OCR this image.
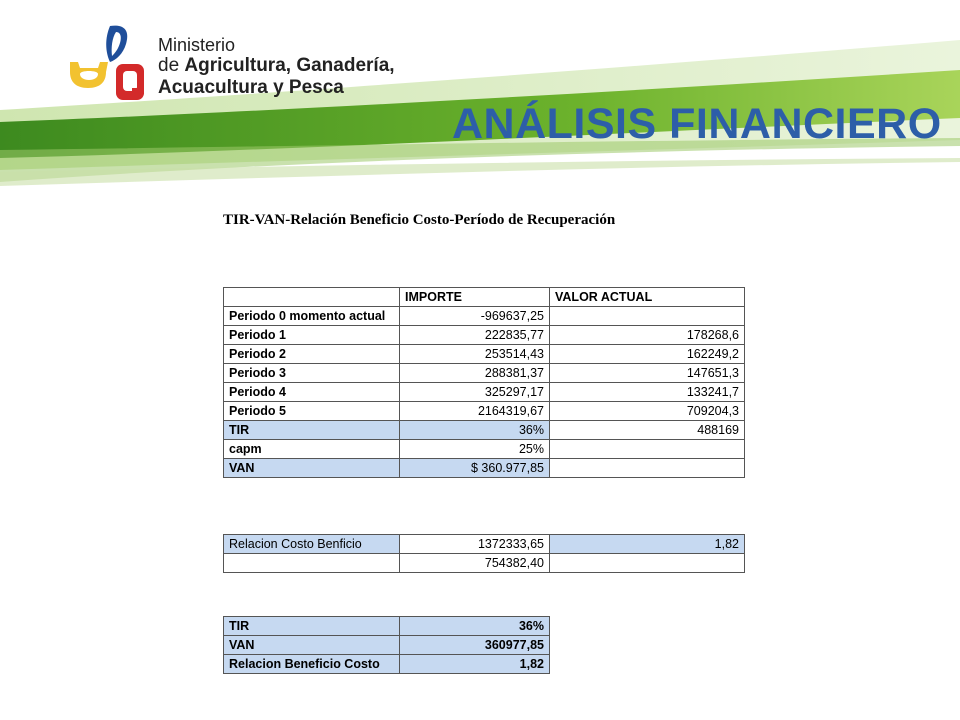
Ministerio
de Agricultura, Ganadería,
Acuacultura y Pesca
ANÁLISIS FINANCIERO
TIR-VAN-Relación Beneficio Costo-Período de Recuperación
	IMPORTE	VALOR ACTUAL
Periodo 0 momento actual	-969637,25	
Periodo 1	222835,77	178268,6
Periodo 2	253514,43	162249,2
Periodo 3	288381,37	147651,3
Periodo 4	325297,17	133241,7
Periodo 5	2164319,67	709204,3
TIR	36%	488169
capm	25%	
VAN	$ 360.977,85	
Relacion Costo Benficio	1372333,65	1,82
	754382,40	
TIR	36%
VAN	360977,85
Relacion Beneficio Costo	1,82
